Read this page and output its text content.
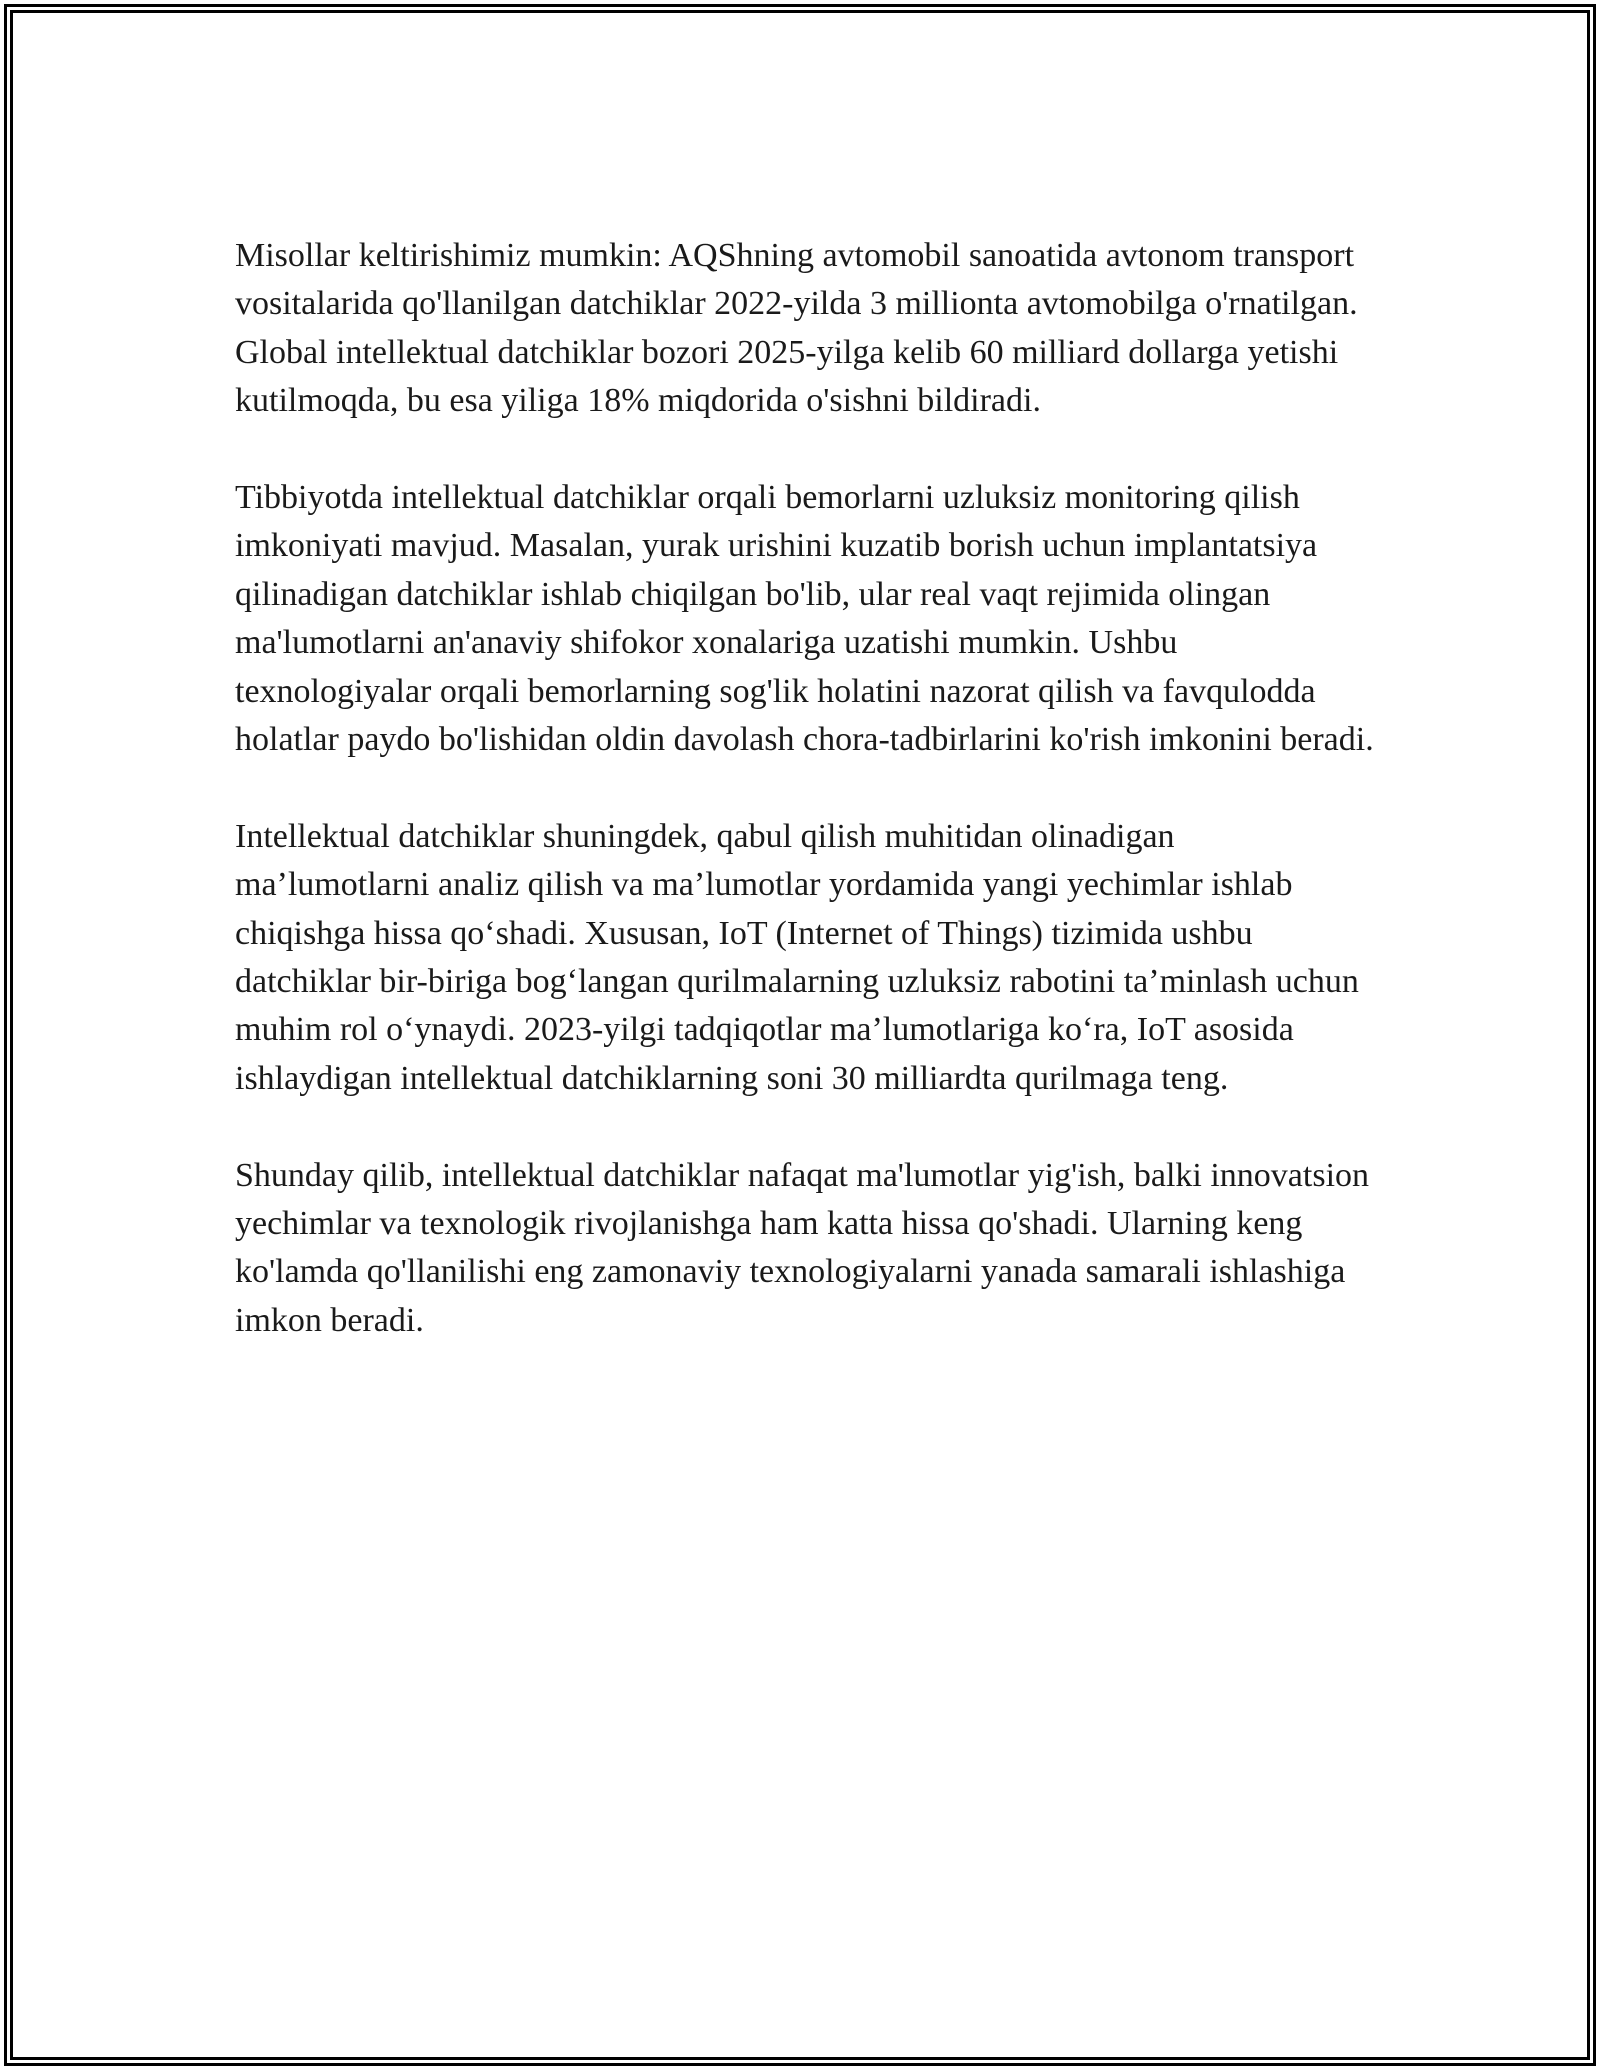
Misollar keltirishimiz mumkin: AQShning avtomobil sanoatida avtonom transport vositalarida qo'llanilgan datchiklar 2022-yilda 3 millionta avtomobilga o'rnatilgan. Global intellektual datchiklar bozori 2025-yilga kelib 60 milliard dollarga yetishi kutilmoqda, bu esa yiliga 18% miqdorida o'sishni bildiradi.

Tibbiyotda intellektual datchiklar orqali bemorlarni uzluksiz monitoring qilish imkoniyati mavjud. Masalan, yurak urishini kuzatib borish uchun implantatsiya qilinadigan datchiklar ishlab chiqilgan bo'lib, ular real vaqt rejimida olingan ma'lumotlarni an'anaviy shifokor xonalariga uzatishi mumkin. Ushbu texnologiyalar orqali bemorlarning sog'lik holatini nazorat qilish va favqulodda holatlar paydo bo'lishidan oldin davolash chora-tadbirlarini ko'rish imkonini beradi.

Intellektual datchiklar shuningdek, qabul qilish muhitidan olinadigan ma’lumotlarni analiz qilish va ma’lumotlar yordamida yangi yechimlar ishlab chiqishga hissa qo‘shadi. Xususan, IoT (Internet of Things) tizimida ushbu datchiklar bir-biriga bog‘langan qurilmalarning uzluksiz rabotini ta’minlash uchun muhim rol o‘ynaydi. 2023-yilgi tadqiqotlar ma’lumotlariga ko‘ra, IoT asosida ishlaydigan intellektual datchiklarning soni 30 milliardta qurilmaga teng.

Shunday qilib, intellektual datchiklar nafaqat ma'lumotlar yig'ish, balki innovatsion yechimlar va texnologik rivojlanishga ham katta hissa qo'shadi. Ularning keng ko'lamda qo'llanilishi eng zamonaviy texnologiyalarni yanada samarali ishlashiga imkon beradi.
